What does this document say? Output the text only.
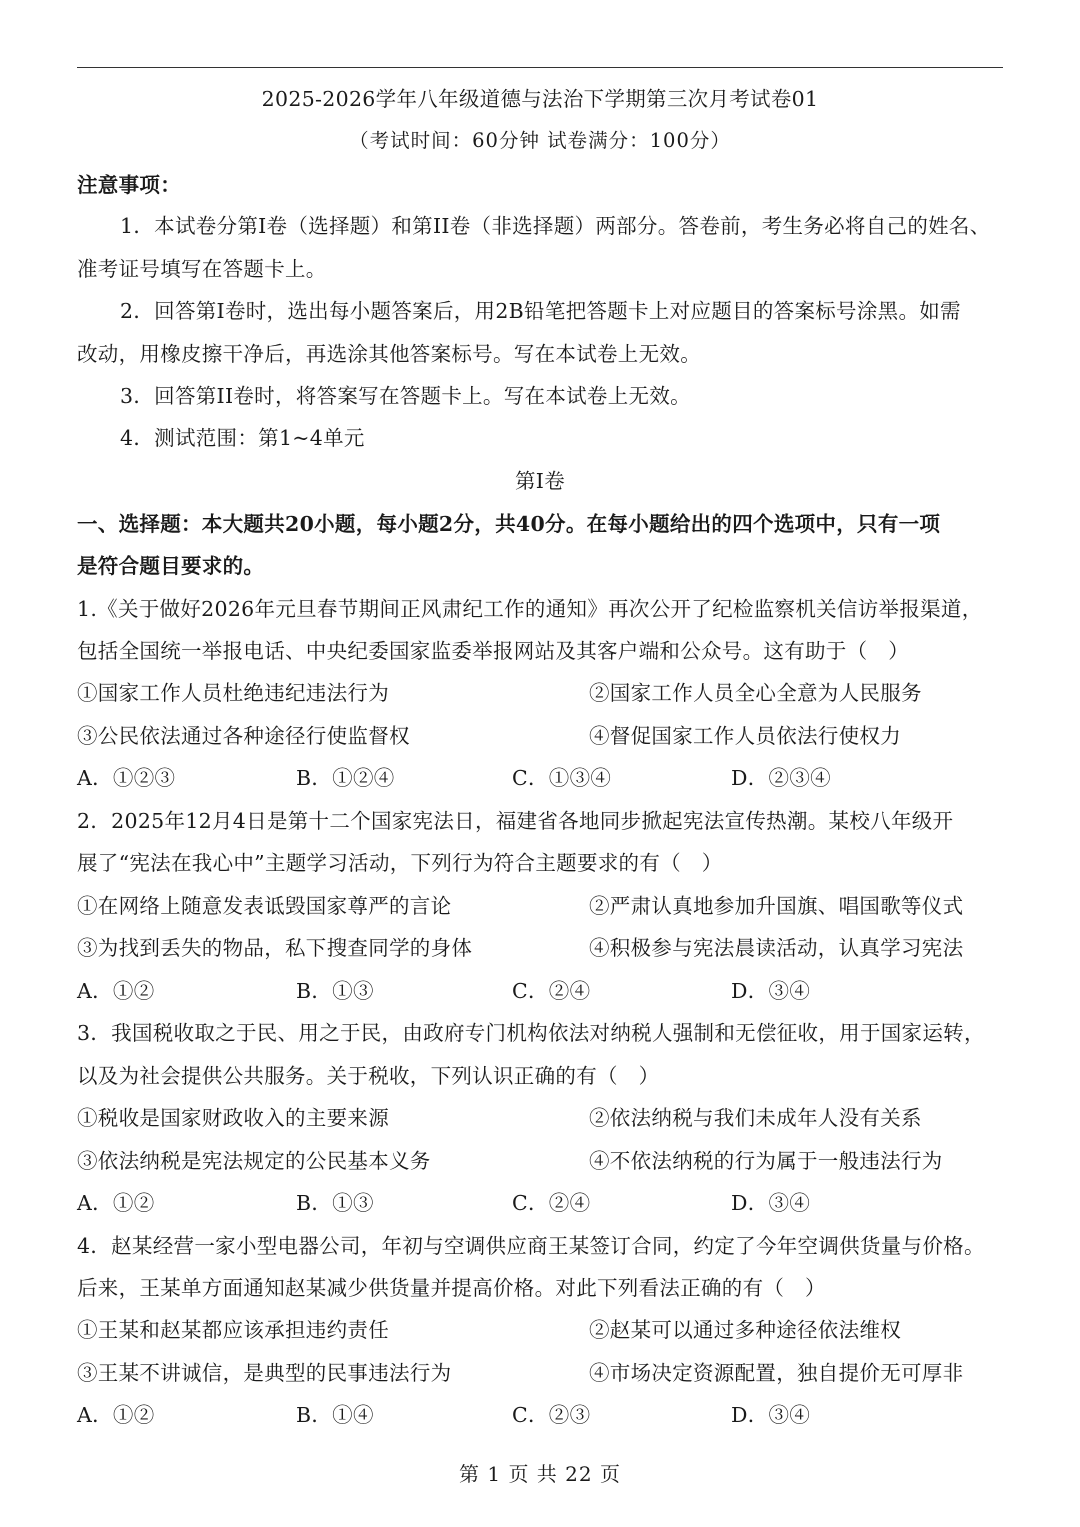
2025-2026学年八年级道德与法治下学期第三次月考试卷01
（考试时间：60分钟 试卷满分：100分）
注意事项：
1．本试卷分第I卷（选择题）和第II卷（非选择题）两部分。答卷前，考生务必将自己的姓名、
准考证号填写在答题卡上。
2．回答第I卷时，选出每小题答案后，用2B铅笔把答题卡上对应题目的答案标号涂黑。如需
改动，用橡皮擦干净后，再选涂其他答案标号。写在本试卷上无效。
3．回答第II卷时，将答案写在答题卡上。写在本试卷上无效。
4．测试范围：第1~4单元
第I卷
一、选择题：本大题共20小题，每小题2分，共40分。在每小题给出的四个选项中，只有一项
是符合题目要求的。
1.《关于做好2026年元旦春节期间正风肃纪工作的通知》再次公开了纪检监察机关信访举报渠道，
包括全国统一举报电话、中央纪委国家监委举报网站及其客户端和公众号。这有助于（　）
①国家工作人员杜绝违纪违法行为	②国家工作人员全心全意为人民服务
③公民依法通过各种途径行使监督权	④督促国家工作人员依法行使权力
A．①②③	B．①②④	C．①③④	D．②③④
2．2025年12月4日是第十二个国家宪法日，福建省各地同步掀起宪法宣传热潮。某校八年级开
展了“宪法在我心中”主题学习活动，下列行为符合主题要求的有（　）
①在网络上随意发表诋毁国家尊严的言论	②严肃认真地参加升国旗、唱国歌等仪式
③为找到丢失的物品，私下搜查同学的身体	④积极参与宪法晨读活动，认真学习宪法
A．①②	B．①③	C．②④	D．③④
3．我国税收取之于民、用之于民，由政府专门机构依法对纳税人强制和无偿征收，用于国家运转，
以及为社会提供公共服务。关于税收，下列认识正确的有（　）
①税收是国家财政收入的主要来源	②依法纳税与我们未成年人没有关系
③依法纳税是宪法规定的公民基本义务	④不依法纳税的行为属于一般违法行为
A．①②	B．①③	C．②④	D．③④
4．赵某经营一家小型电器公司，年初与空调供应商王某签订合同，约定了今年空调供货量与价格。
后来，王某单方面通知赵某减少供货量并提高价格。对此下列看法正确的有（　）
①王某和赵某都应该承担违约责任	②赵某可以通过多种途径依法维权
③王某不讲诚信，是典型的民事违法行为	④市场决定资源配置，独自提价无可厚非
A．①②	B．①④	C．②③	D．③④
第 1 页 共 22 页
